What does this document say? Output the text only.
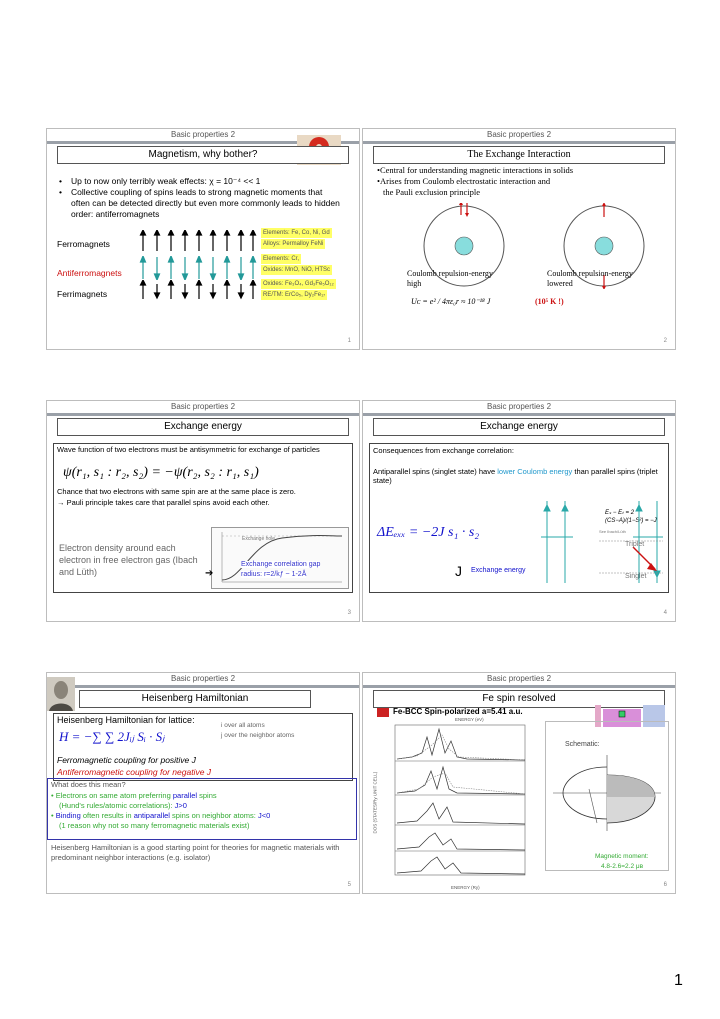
Basic properties 2
Magnetism, why bother?
•	Up to now only terribly weak effects: χ = 10⁻⁴ << 1
•	Collective coupling of spins leads to strong magnetic moments that often can be detected directly but even more commonly leads to hidden order: antiferromagnets
Ferromagnets
Elements: Fe, Co, Ni, Gd
Alloys: Permalloy FeNi
Antiferromagnets
Elements: Cr,
Oxides: MnO, NiO, HTSc
Ferrimagnets
Oxides: Fe₃O₄, Gd₃Fe₅O₁₂
RE/TM: ErCo₅, Dy₂Fe₁₇
1
Basic properties 2
The Exchange Interaction
•Central for understanding magnetic interactions in solids
•Arises from Coulomb electrostatic interaction and
the Pauli exclusion principle
Coulomb repulsion-energy high
Coulomb repulsion-energy lowered
Uᴄ = e² / 4πε₀r ≈ 10⁻¹⁸ J	(10⁵ K !)
2
Basic properties 2
Exchange energy
Wave function of two electrons must be antisymmetric for exchange of particles
ψ(r₁, s₁ : r₂, s₂) = −ψ(r₂, s₂ : r₁, s₁)
Chance that two electrons with same spin are at the same place is zero.
→ Pauli principle takes care that parallel spins avoid each other.
Electron density around each electron in free electron gas (Ibach and Lüth)
Exchange hole
Exchange correlation gap
radius: r=2/kƒ ~ 1-2Å
➔
3
Basic properties 2
Exchange energy
Consequences from exchange correlation:
Antiparallel spins (singlet state) have lower Coulomb energy than parallel spins (triplet state)
Eₛ − Eₜ = 2 (CS−A)/(1−S²) = −J
See Ibach/Lüth
ΔEₑₓₓ = −2J s₁ · s₂
Triplet
Singlet
J Exchange energy
4
Basic properties 2
Heisenberg Hamiltonian
Heisenberg Hamiltonian for lattice:
i over all atoms
j over the neighbor atoms
H = −∑ ∑ 2Jᵢⱼ Sᵢ · Sⱼ
Ferromagnetic coupling for positive J
Antiferromagnetic coupling for negative J
What does this mean?
• Electrons on same atom preferring parallel spins
(Hund's rules/atomic correlations): J>0
• Binding often results in antiparallel spins on neighbor atoms: J<0
(1 reason why not so many ferromagnetic materials exist)
Heisenberg Hamiltonian is a good starting point for theories for magnetic materials with predominant neighbor interactions (e.g. isolator)
5
Basic properties 2
Fe spin resolved
Fe-BCC Spin-polarized a=5.41 a.u.
ENERGY (eV)
DOS (STATES/Ry UNIT CELL)
ENERGY (Ry)
Schematic:
Magnetic moment:
4.8-2.6=2.2 μʙ
6
1
